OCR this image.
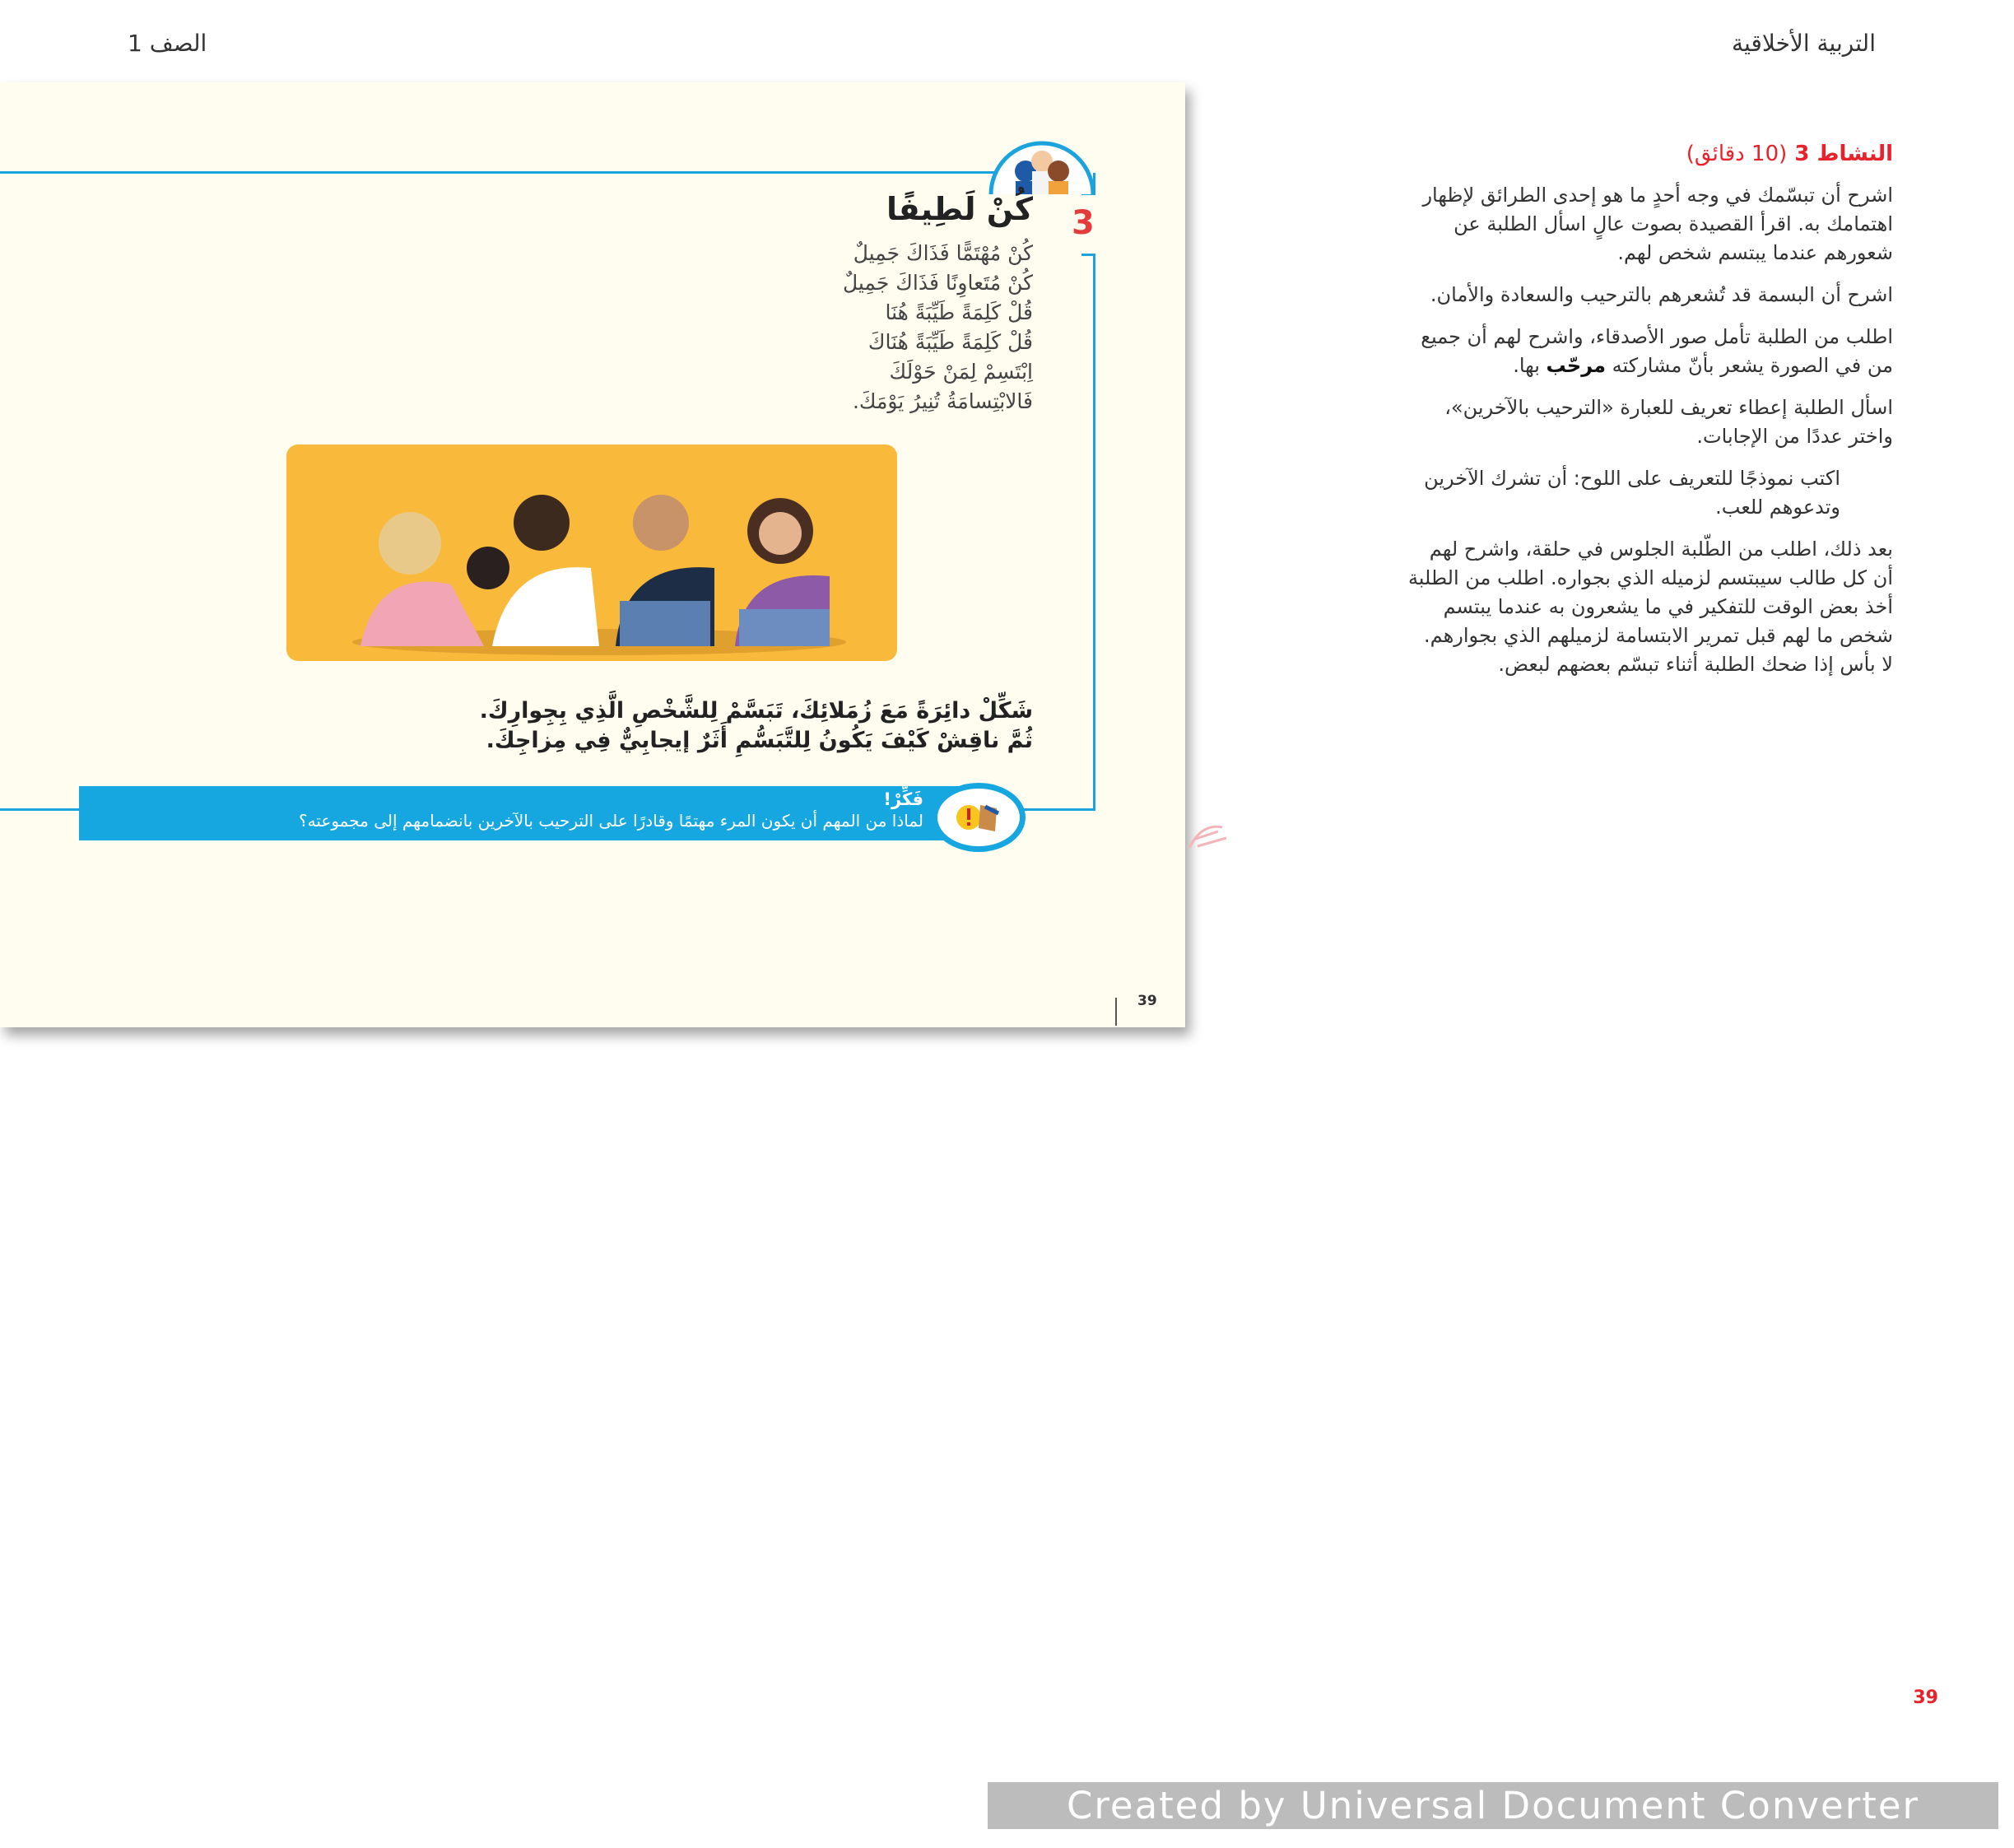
التربية الأخلاقية
الصف 1
3
كُنْ لَطِيفًا
كُنْ مُهْتَمًّا فَذَاكَ جَمِيلٌ
كُنْ مُتَعاوِنًا فَذَاكَ جَمِيلٌ
قُلْ كَلِمَةً طَيِّبَةً هُنَا
قُلْ كَلِمَةً طَيِّبَةً هُنَاكَ
اِبْتَسِمْ لِمَنْ حَوْلَكَ
فَالابْتِسامَةُ تُنِيرُ يَوْمَكَ.
شَكِّلْ دائِرَةً مَعَ زُمَلائِكَ، تَبَسَّمْ لِلشَّخْصِ الَّذِي بِجِوارِكَ.
ثُمَّ ناقِشْ كَيْفَ يَكُونُ لِلتَّبَسُّمِ أَثَرٌ إيجابِيٌّ فِي مِزاجِكَ.
فَكِّرْ!
لماذا من المهم أن يكون المرء مهتمًا وقادرًا على الترحيب بالآخرين بانضمامهم إلى مجموعته؟
39
النشاط 3 (10 دقائق)
اشرح أن تبسّمك في وجه أحدٍ ما هو إحدى الطرائق لإظهار
اهتمامك به. اقرأ القصيدة بصوت عالٍ اسأل الطلبة عن
شعورهم عندما يبتسم شخص لهم.
اشرح أن البسمة قد تُشعرهم بالترحيب والسعادة والأمان.
اطلب من الطلبة تأمل صور الأصدقاء، واشرح لهم أن جميع
من في الصورة يشعر بأنّ مشاركته مرحّب بها.
اسأل الطلبة إعطاء تعريف للعبارة «الترحيب بالآخرين»،
واختر عددًا من الإجابات.
اكتب نموذجًا للتعريف على اللوح: أن تشرك الآخرين
وتدعوهم للعب.
بعد ذلك، اطلب من الطّلبة الجلوس في حلقة، واشرح لهم
أن كل طالب سيبتسم لزميله الذي بجواره. اطلب من الطلبة
أخذ بعض الوقت للتفكير في ما يشعرون به عندما يبتسم
شخص ما لهم قبل تمرير الابتسامة لزميلهم الذي بجوارهم.
لا بأس إذا ضحك الطلبة أثناء تبسّم بعضهم لبعض.
39
Created by Universal Document Converter
